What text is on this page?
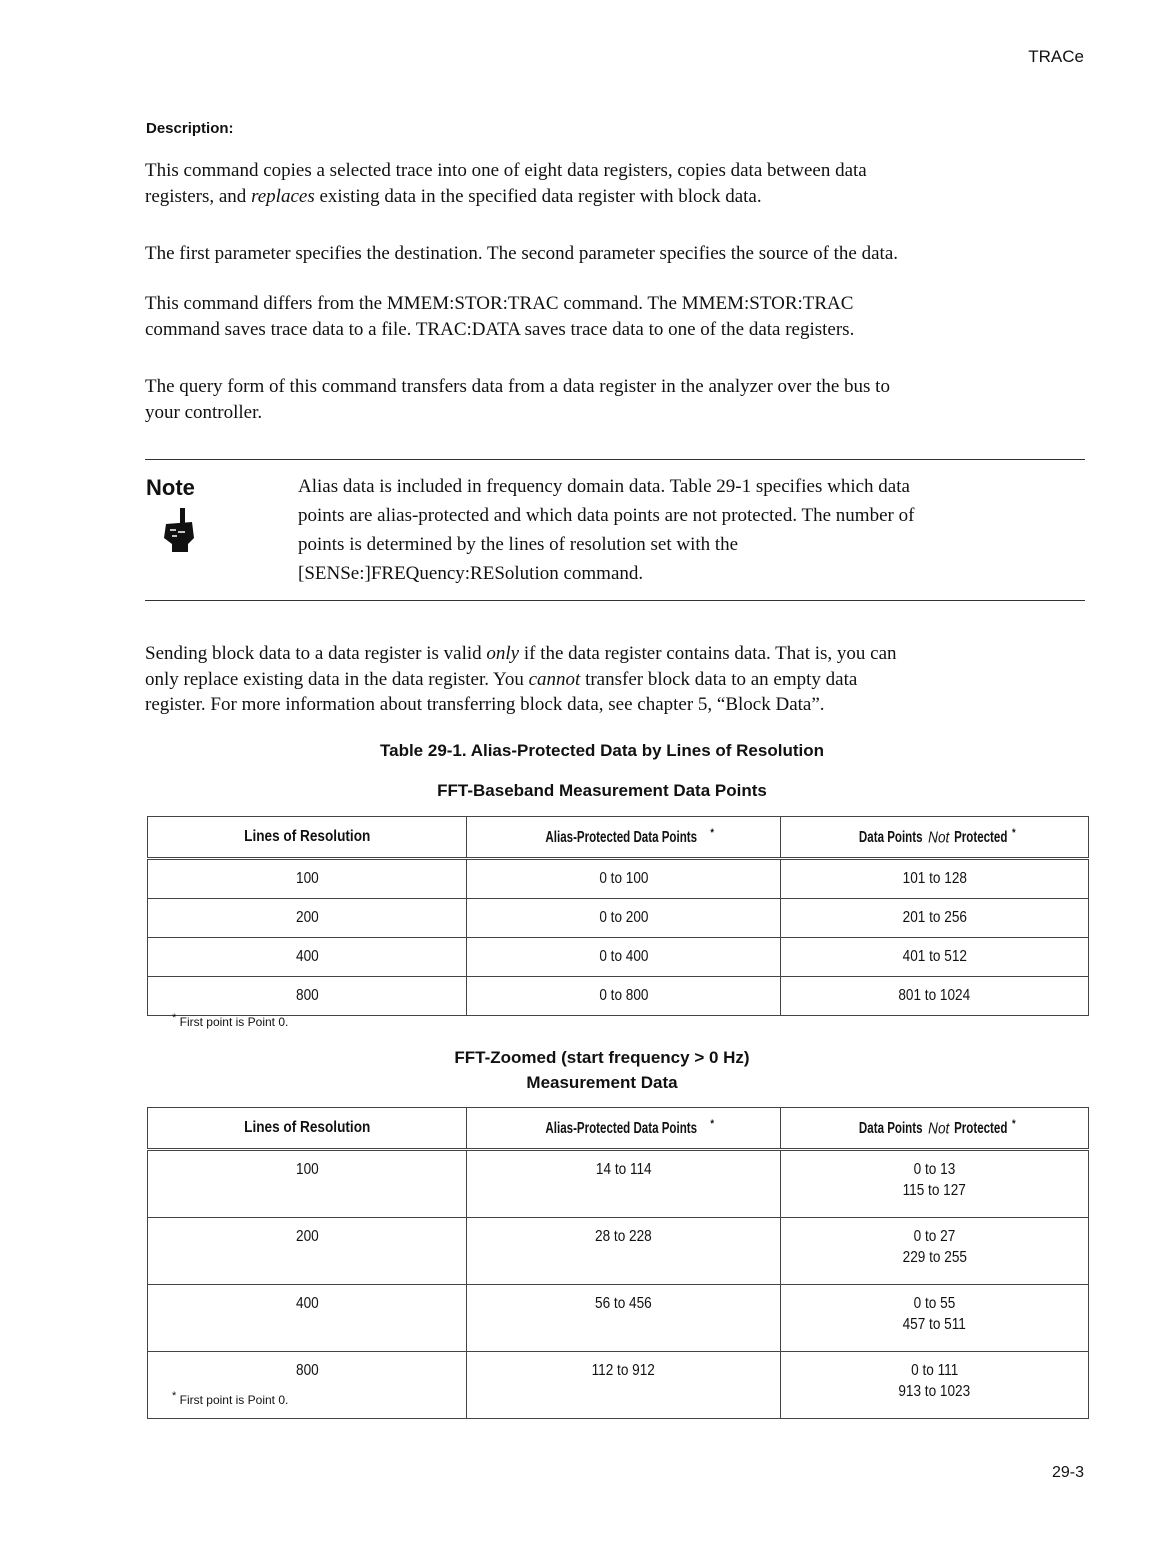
TRACe
Description:
This command copies a selected trace into one of eight data registers, copies data between data
registers, and replaces existing data in the specified data register with block data.
The first parameter specifies the destination. The second parameter specifies the source of the data.
This command differs from the MMEM:STOR:TRAC command. The MMEM:STOR:TRAC
command saves trace data to a file. TRAC:DATA saves trace data to one of the data registers.
The query form of this command transfers data from a data register in the analyzer over the bus to
your controller.
Note	Alias data is included in frequency domain data. Table 29-1 specifies which data
points are alias-protected and which data points are not protected. The number of
points is determined by the lines of resolution set with the
[SENSe:]FREQuency:RESolution command.
Sending block data to a data register is valid only if the data register contains data. That is, you can
only replace existing data in the data register. You cannot transfer block data to an empty data
register. For more information about transferring block data, see chapter 5, “Block Data”.
Table 29-1. Alias-Protected Data by Lines of Resolution
FFT-Baseband Measurement Data Points
Lines of Resolution	Alias-Protected Data Points *	Data PointsNotProtected *
100	0 to 100	101 to 128
200	0 to 200	201 to 256
400	0 to 400	401 to 512
800	0 to 800	801 to 1024
* First point is Point 0.
FFT-Zoomed (start frequency > 0 Hz)
Measurement Data
Lines of Resolution	Alias-Protected Data Points *	Data PointsNotProtected *
100	14 to 114	0 to 13
115 to 127
200	28 to 228	0 to 27
229 to 255
400	56 to 456	0 to 55
457 to 511
800	112 to 912	0 to 111
913 to 1023
* First point is Point 0.
29-3
